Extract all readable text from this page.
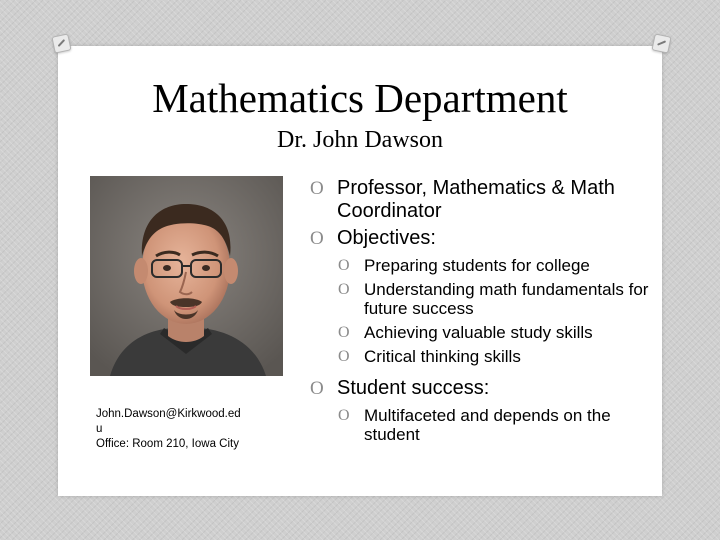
Mathematics Department
Dr. John Dawson
John.Dawson@Kirkwood.ed
u
Office: Room 210, Iowa City
O Professor, Mathematics & Math Coordinator
O Objectives:
O Preparing students for college
O Understanding math fundamentals for future success
O Achieving valuable study skills
O Critical thinking skills
O Student success:
O Multifaceted and depends on the student
